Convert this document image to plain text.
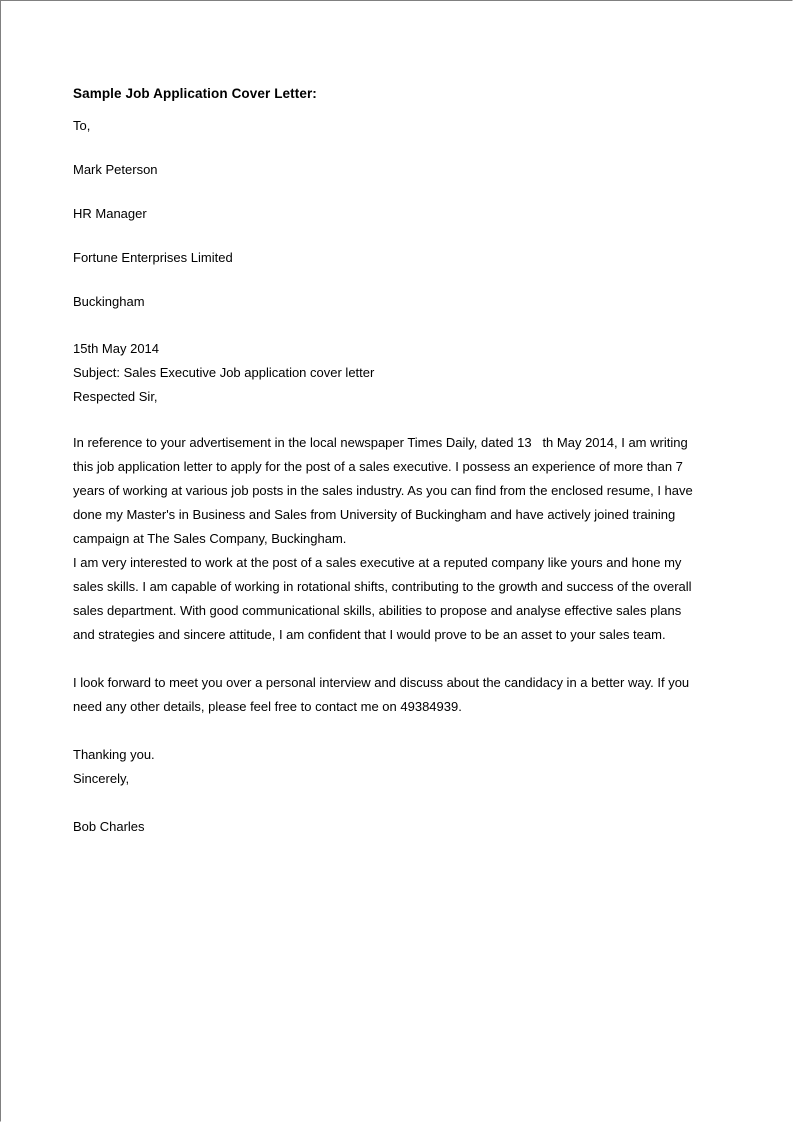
Sample Job Application Cover Letter:

To,

Mark Peterson

HR Manager

Fortune Enterprises Limited

Buckingham

15th May 2014

Subject: Sales Executive Job application cover letter

Respected Sir,

In reference to your advertisement in the local newspaper Times Daily, dated 13   th May 2014, I am writing this job application letter to apply for the post of a sales executive. I possess an experience of more than 7 years of working at various job posts in the sales industry. As you can find from the enclosed resume, I have done my Master's in Business and Sales from University of Buckingham and have actively joined training campaign at The Sales Company, Buckingham.

I am very interested to work at the post of a sales executive at a reputed company like yours and hone my sales skills. I am capable of working in rotational shifts, contributing to the growth and success of the overall sales department. With good communicational skills, abilities to propose and analyse effective sales plans and strategies and sincere attitude, I am confident that I would prove to be an asset to your sales team.

I look forward to meet you over a personal interview and discuss about the candidacy in a better way. If you need any other details, please feel free to contact me on 49384939.

Thanking you.

Sincerely,

Bob Charles
